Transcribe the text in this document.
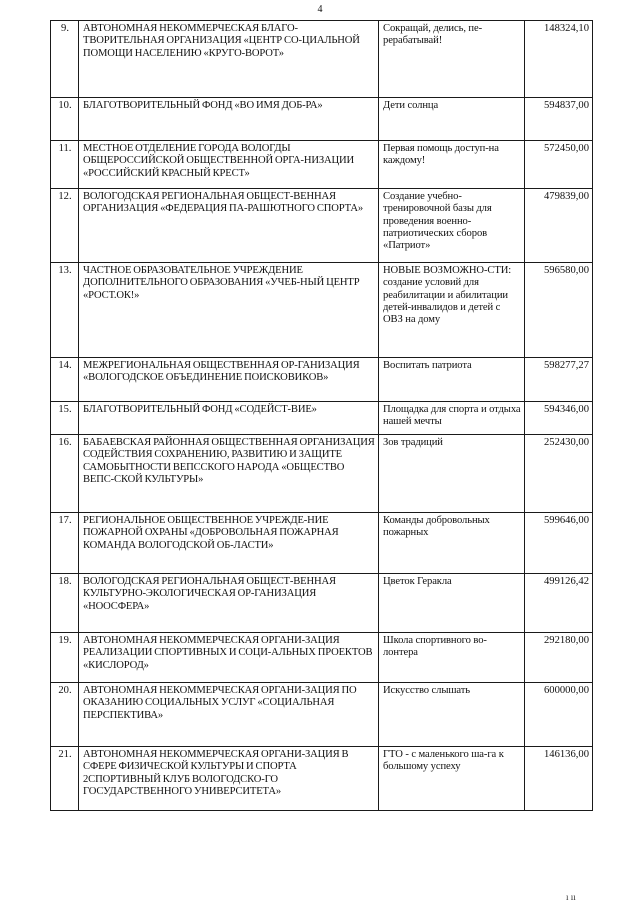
4
9.	АВТОНОМНАЯ НЕКОММЕРЧЕСКАЯ БЛАГО-ТВОРИТЕЛЬНАЯ ОРГАНИЗАЦИЯ «ЦЕНТР СО-ЦИАЛЬНОЙ ПОМОЩИ НАСЕЛЕНИЮ «КРУГО-ВОРОТ»	Сокращай, делись, пе-рерабатывай!	148324,10
10.	БЛАГОТВОРИТЕЛЬНЫЙ ФОНД «ВО ИМЯ ДОБ-РА»	Дети солнца	594837,00
11.	МЕСТНОЕ ОТДЕЛЕНИЕ ГОРОДА ВОЛОГДЫ ОБЩЕРОССИЙСКОЙ ОБЩЕСТВЕННОЙ ОРГА-НИЗАЦИИ «РОССИЙСКИЙ КРАСНЫЙ КРЕСТ»	Первая помощь доступ-на каждому!	572450,00
12.	ВОЛОГОДСКАЯ РЕГИОНАЛЬНАЯ ОБЩЕСТ-ВЕННАЯ ОРГАНИЗАЦИЯ «ФЕДЕРАЦИЯ ПА-РАШЮТНОГО СПОРТА»	Создание учебно-тренировочной базы для проведения военно-патриотических сборов «Патриот»	479839,00
13.	ЧАСТНОЕ ОБРАЗОВАТЕЛЬНОЕ УЧРЕЖДЕНИЕ ДОПОЛНИТЕЛЬНОГО ОБРАЗОВАНИЯ «УЧЕБ-НЫЙ ЦЕНТР «РОСТ.ОК!»	НОВЫЕ ВОЗМОЖНО-СТИ: создание условий для реабилитации и абилитации детей-инвалидов и детей с ОВЗ на дому	596580,00
14.	МЕЖРЕГИОНАЛЬНАЯ ОБЩЕСТВЕННАЯ ОР-ГАНИЗАЦИЯ «ВОЛОГОДСКОЕ ОБЪЕДИНЕНИЕ ПОИСКОВИКОВ»	Воспитать патриота	598277,27
15.	БЛАГОТВОРИТЕЛЬНЫЙ ФОНД «СОДЕЙСТ-ВИЕ»	Площадка для спорта и отдыха нашей мечты	594346,00
16.	БАБАЕВСКАЯ РАЙОННАЯ ОБЩЕСТВЕННАЯ ОРГАНИЗАЦИЯ СОДЕЙСТВИЯ СОХРАНЕНИЮ, РАЗВИТИЮ И ЗАЩИТЕ САМОБЫТНОСТИ ВЕПССКОГО НАРОДА «ОБЩЕСТВО ВЕПС-СКОЙ КУЛЬТУРЫ»	Зов традиций	252430,00
17.	РЕГИОНАЛЬНОЕ ОБЩЕСТВЕННОЕ УЧРЕЖДЕ-НИЕ ПОЖАРНОЙ ОХРАНЫ «ДОБРОВОЛЬНАЯ ПОЖАРНАЯ КОМАНДА ВОЛОГОДСКОЙ ОБ-ЛАСТИ»	Команды добровольных пожарных	599646,00
18.	ВОЛОГОДСКАЯ РЕГИОНАЛЬНАЯ ОБЩЕСТ-ВЕННАЯ КУЛЬТУРНО-ЭКОЛОГИЧЕСКАЯ ОР-ГАНИЗАЦИЯ «НООСФЕРА»	Цветок Геракла	499126,42
19.	АВТОНОМНАЯ НЕКОММЕРЧЕСКАЯ ОРГАНИ-ЗАЦИЯ РЕАЛИЗАЦИИ СПОРТИВНЫХ И СОЦИ-АЛЬНЫХ ПРОЕКТОВ «КИСЛОРОД»	Школа спортивного во-лонтера	292180,00
20.	АВТОНОМНАЯ НЕКОММЕРЧЕСКАЯ ОРГАНИ-ЗАЦИЯ ПО ОКАЗАНИЮ СОЦИАЛЬНЫХ УСЛУГ «СОЦИАЛЬНАЯ ПЕРСПЕКТИВА»	Искусство слышать	600000,00
21.	АВТОНОМНАЯ НЕКОММЕРЧЕСКАЯ ОРГАНИ-ЗАЦИЯ В СФЕРЕ ФИЗИЧЕСКОЙ КУЛЬТУРЫ И СПОРТА 2СПОРТИВНЫЙ КЛУБ ВОЛОГОДСКО-ГО ГОСУДАРСТВЕННОГО УНИВЕРСИТЕТА»	ГТО - с маленького ша-га к большому успеху	146136,00
ı ıı
